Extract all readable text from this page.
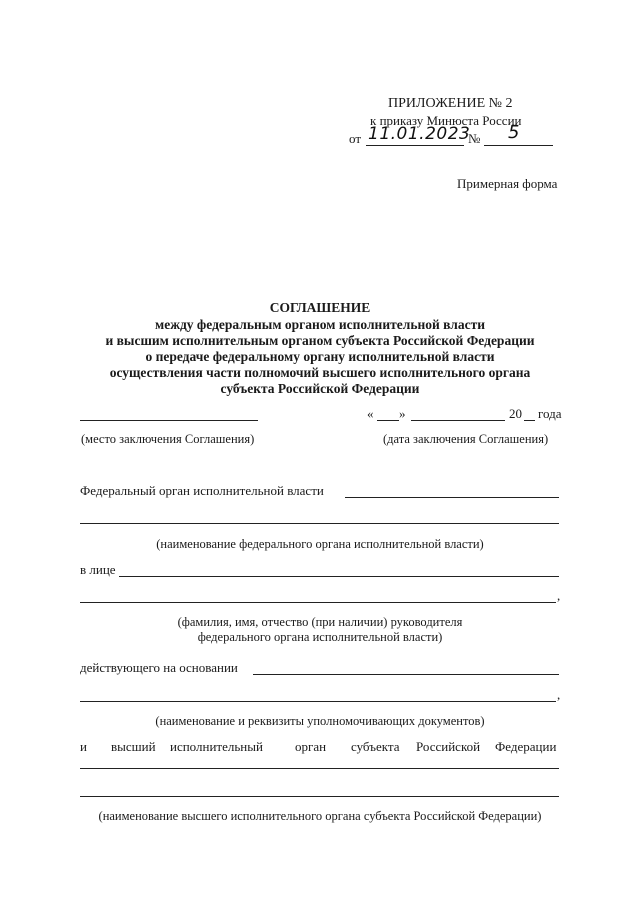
ПРИЛОЖЕНИЕ № 2
к приказу Минюста России
от 11.01.2023
№ 5
Примерная форма
СОГЛАШЕНИЕ
между федеральным органом исполнительной власти
и высшим исполнительным органом субъекта Российской Федерации
о передаче федеральному органу исполнительной власти
осуществления части полномочий высшего исполнительного органа
субъекта Российской Федерации
« »	20 года
(место заключения Соглашения)	(дата заключения Соглашения)
Федеральный орган исполнительной власти
(наименование федерального органа исполнительной власти)
в лице
,
(фамилия, имя, отчество (при наличии) руководителя
федерального органа исполнительной власти)
действующего на основании
,
(наименование и реквизиты уполномочивающих документов)
и высший исполнительный орган субъекта Российской Федерации
(наименование высшего исполнительного органа субъекта Российской Федерации)
